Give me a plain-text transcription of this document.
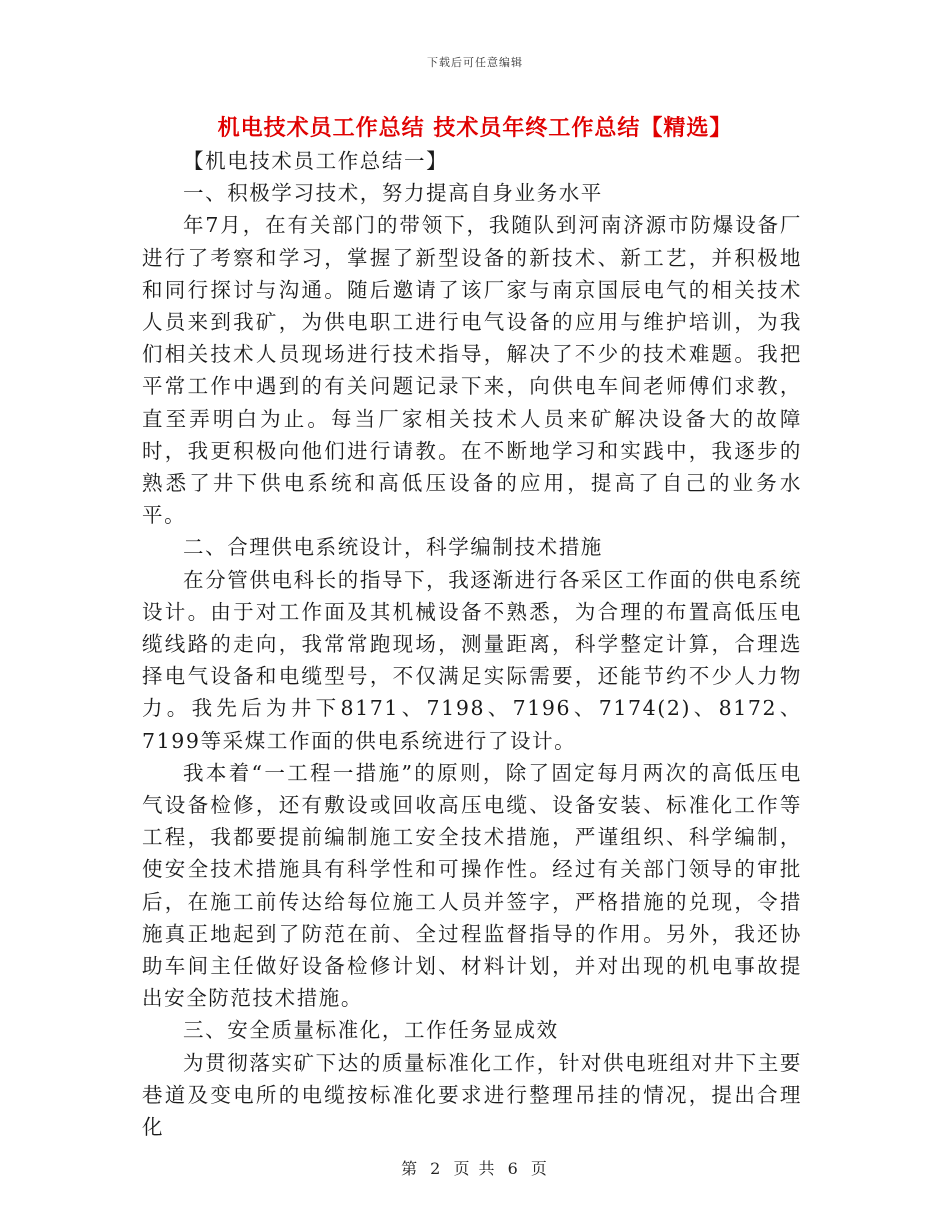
下载后可任意编辑
机电技术员工作总结 技术员年终工作总结【精选】

【机电技术员工作总结一】

一、积极学习技术，努力提高自身业务水平

年7月，在有关部门的带领下，我随队到河南济源市防爆设备厂进行了考察和学习，掌握了新型设备的新技术、新工艺，并积极地和同行探讨与沟通。随后邀请了该厂家与南京国辰电气的相关技术人员来到我矿，为供电职工进行电气设备的应用与维护培训，为我们相关技术人员现场进行技术指导，解决了不少的技术难题。我把平常工作中遇到的有关问题记录下来，向供电车间老师傅们求教，直至弄明白为止。每当厂家相关技术人员来矿解决设备大的故障时，我更积极向他们进行请教。在不断地学习和实践中，我逐步的熟悉了井下供电系统和高低压设备的应用，提高了自己的业务水平。

二、合理供电系统设计，科学编制技术措施

在分管供电科长的指导下，我逐渐进行各采区工作面的供电系统设计。由于对工作面及其机械设备不熟悉，为合理的布置高低压电缆线路的走向，我常常跑现场，测量距离，科学整定计算，合理选择电气设备和电缆型号，不仅满足实际需要，还能节约不少人力物力。我先后为井下8171、7198、7196、7174(2)、8172、7199等采煤工作面的供电系统进行了设计。

我本着“一工程一措施”的原则，除了固定每月两次的高低压电气设备检修，还有敷设或回收高压电缆、设备安装、标准化工作等工程，我都要提前编制施工安全技术措施，严谨组织、科学编制，使安全技术措施具有科学性和可操作性。经过有关部门领导的审批后，在施工前传达给每位施工人员并签字，严格措施的兑现，令措施真正地起到了防范在前、全过程监督指导的作用。另外，我还协助车间主任做好设备检修计划、材料计划，并对出现的机电事故提出安全防范技术措施。

三、安全质量标准化，工作任务显成效

为贯彻落实矿下达的质量标准化工作，针对供电班组对井下主要巷道及变电所的电缆按标准化要求进行整理吊挂的情况，提出合理化

第 2 页 共 6 页
